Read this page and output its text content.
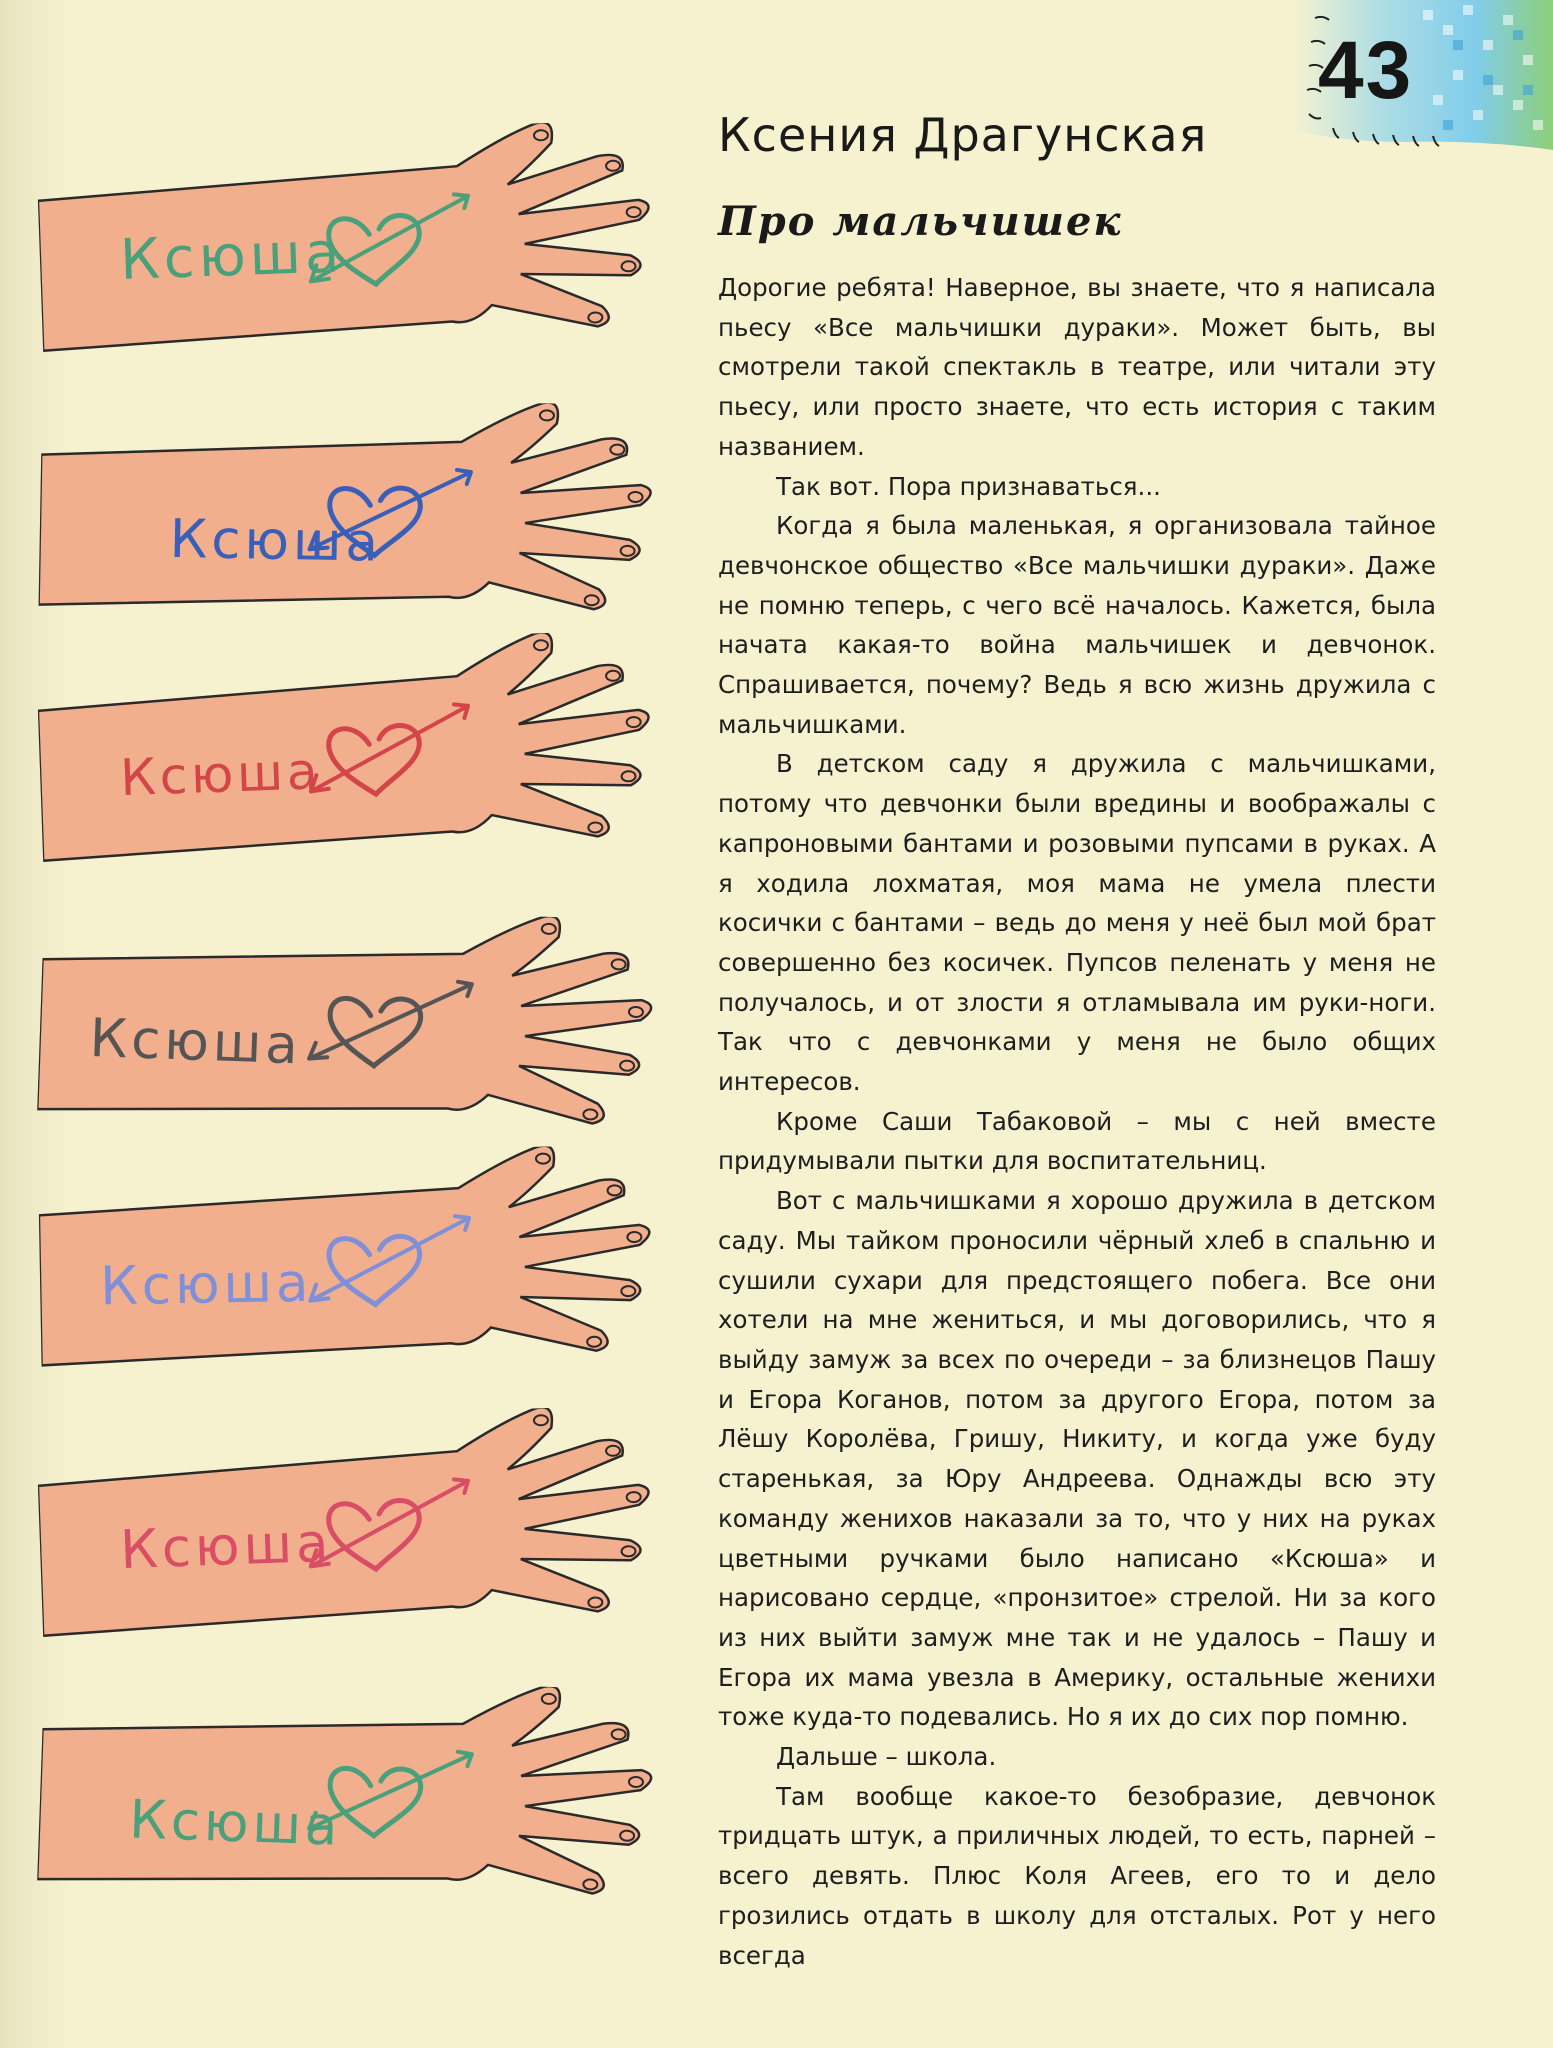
43
Ксюша
Ксюша
Ксюша
Ксюша
Ксюша
Ксюша
Ксюша
Ксения Драгунская
Про мальчишек

Дорогие ребята! Наверное, вы знаете, что я написала пьесу «Все мальчишки дураки». Может быть, вы смотрели такой спектакль в театре, или читали эту пьесу, или просто знаете, что есть история с таким названием.

Так вот. Пора признаваться...

Когда я была маленькая, я организовала тайное девчонское общество «Все мальчишки дураки». Даже не помню теперь, с чего всё началось. Кажется, была начата какая-то война мальчишек и девчонок. Спрашивается, почему? Ведь я всю жизнь дружила с мальчишками.

В детском саду я дружила с мальчишками, потому что девчонки были вредины и воображалы с капроновыми бантами и розовыми пупсами в руках. А я ходила лохматая, моя мама не умела плести косички с бантами – ведь до меня у неё был мой брат совершенно без косичек. Пупсов пеленать у меня не получалось, и от злости я отламывала им руки-ноги. Так что с девчонками у меня не было общих интересов.

Кроме Саши Табаковой – мы с ней вместе придумывали пытки для воспитательниц.

Вот с мальчишками я хорошо дружила в детском саду. Мы тайком проносили чёрный хлеб в спальню и сушили сухари для предстоящего побега. Все они хотели на мне жениться, и мы договорились, что я выйду замуж за всех по очереди – за близнецов Пашу и Егора Коганов, потом за другого Егора, потом за Лёшу Королёва, Гришу, Никиту, и когда уже буду старенькая, за Юру Андреева. Однажды всю эту команду женихов наказали за то, что у них на руках цветными ручками было написано «Ксюша» и нарисовано сердце, «пронзитое» стрелой. Ни за кого из них выйти замуж мне так и не удалось – Пашу и Егора их мама увезла в Америку, остальные женихи тоже куда-то подевались. Но я их до сих пор помню.

Дальше – школа.

Там вообще какое-то безобразие, девчонок тридцать штук, а приличных людей, то есть, парней – всего девять. Плюс Коля Агеев, его то и дело грозились отдать в школу для отсталых. Рот у него всегда
